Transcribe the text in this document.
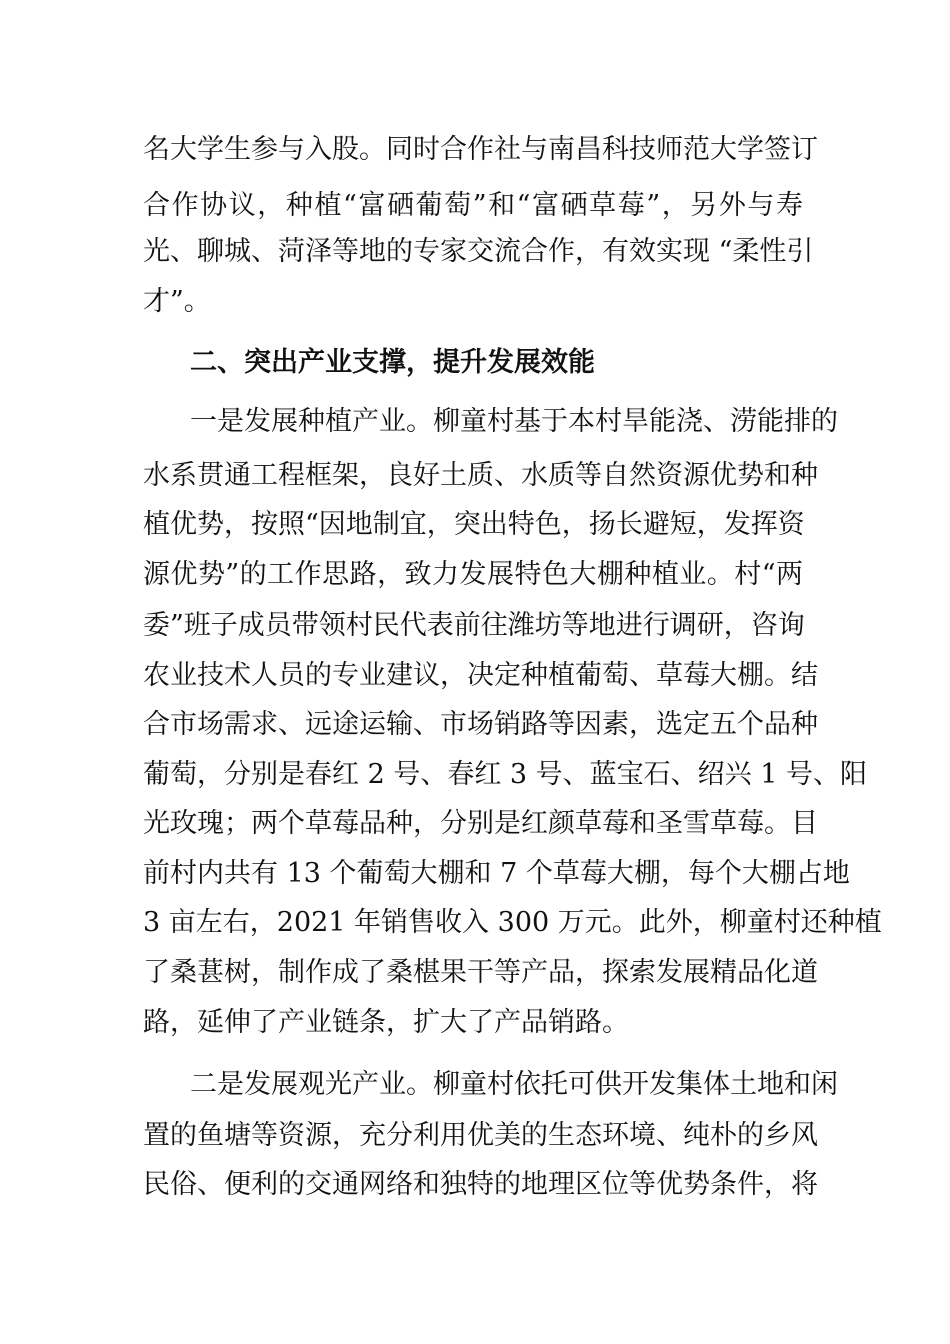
名大学生参与入股。同时合作社与南昌科技师范大学签订
合作协议，种植“富硒葡萄”和“富硒草莓”，另外与寿
光、聊城、菏泽等地的专家交流合作，有效实现 “柔性引
才”。
二、突出产业支撑，提升发展效能
一是发展种植产业。柳童村基于本村旱能浇、涝能排的
水系贯通工程框架，良好土质、水质等自然资源优势和种
植优势，按照“因地制宜，突出特色，扬长避短，发挥资
源优势”的工作思路，致力发展特色大棚种植业。村“两
委”班子成员带领村民代表前往潍坊等地进行调研，咨询
农业技术人员的专业建议，决定种植葡萄、草莓大棚。结
合市场需求、远途运输、市场销路等因素，选定五个品种
葡萄，分别是春红 2 号、春红 3 号、蓝宝石、绍兴 1 号、阳
光玫瑰；两个草莓品种，分别是红颜草莓和圣雪草莓。目
前村内共有 13 个葡萄大棚和 7 个草莓大棚，每个大棚占地
3 亩左右，2021 年销售收入 300 万元。此外，柳童村还种植
了桑葚树，制作成了桑椹果干等产品，探索发展精品化道
路，延伸了产业链条，扩大了产品销路。
二是发展观光产业。柳童村依托可供开发集体土地和闲
置的鱼塘等资源，充分利用优美的生态环境、纯朴的乡风
民俗、便利的交通网络和独特的地理区位等优势条件，将
